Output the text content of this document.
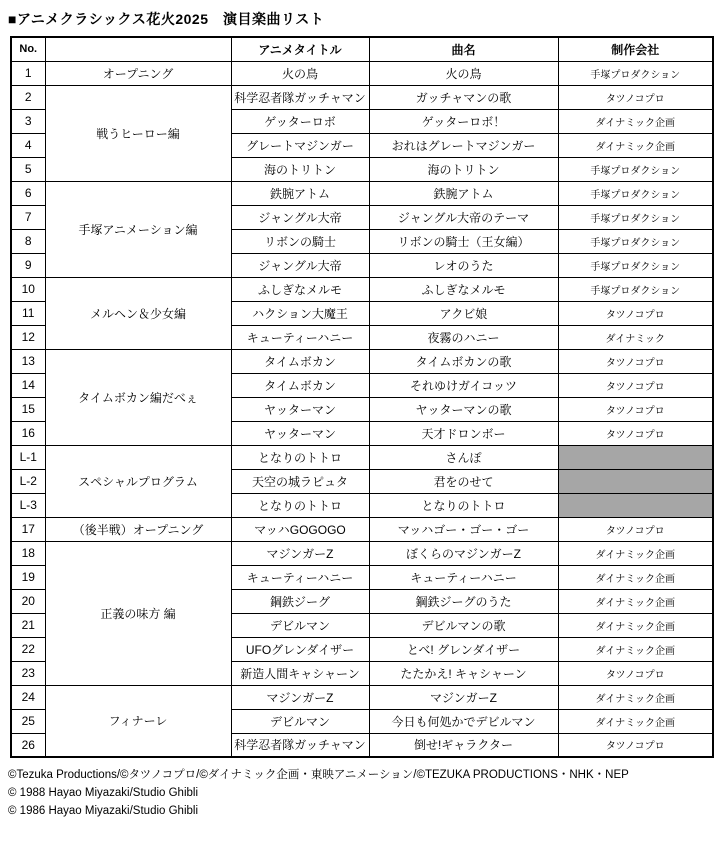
■アニメクラシックス花火2025　演目楽曲リスト
No.		アニメタイトル	曲名	制作会社
1	オープニング	火の鳥	火の鳥	手塚プロダクション
2	戦うヒーロー編	科学忍者隊ガッチャマン	ガッチャマンの歌	タツノコプロ
3		ゲッターロボ	ゲッターロボ！	ダイナミック企画
4		グレートマジンガー	おれはグレートマジンガー	ダイナミック企画
5		海のトリトン	海のトリトン	手塚プロダクション
6	手塚アニメーション編	鉄腕アトム	鉄腕アトム	手塚プロダクション
7		ジャングル大帝	ジャングル大帝のテーマ	手塚プロダクション
8		リボンの騎士	リボンの騎士（王女編）	手塚プロダクション
9		ジャングル大帝	レオのうた	手塚プロダクション
10	メルヘン＆少女編	ふしぎなメルモ	ふしぎなメルモ	手塚プロダクション
11		ハクション大魔王	アクビ娘	タツノコプロ
12		キューティーハニー	夜霧のハニー	ダイナミック
13	タイムボカン編だべぇ	タイムボカン	タイムボカンの歌	タツノコプロ
14		タイムボカン	それゆけガイコッツ	タツノコプロ
15		ヤッターマン	ヤッターマンの歌	タツノコプロ
16		ヤッターマン	天才ドロンボー	タツノコプロ
L-1	スペシャルプログラム	となりのトトロ	さんぽ	
L-2		天空の城ラピュタ	君をのせて	
L-3		となりのトトロ	となりのトトロ	
17	（後半戦）オープニング	マッハGOGOGO	マッハゴー・ゴー・ゴー	タツノコプロ
18	正義の味方 編	マジンガーZ	ぼくらのマジンガーZ	ダイナミック企画
19		キューティーハニー	キューティーハニー	ダイナミック企画
20		鋼鉄ジーグ	鋼鉄ジーグのうた	ダイナミック企画
21		デビルマン	デビルマンの歌	ダイナミック企画
22		UFOグレンダイザー	とべ! グレンダイザー	ダイナミック企画
23		新造人間キャシャーン	たたかえ! キャシャーン	タツノコプロ
24	フィナーレ	マジンガーZ	マジンガーZ	ダイナミック企画
25		デビルマン	今日も何処かでデビルマン	ダイナミック企画
26		科学忍者隊ガッチャマン	倒せ!ギャラクター	タツノコプロ
©Tezuka Productions/©タツノコプロ/©ダイナミック企画・東映アニメーション/©TEZUKA PRODUCTIONS・NHK・NEP
© 1988 Hayao Miyazaki/Studio Ghibli
© 1986 Hayao Miyazaki/Studio Ghibli
